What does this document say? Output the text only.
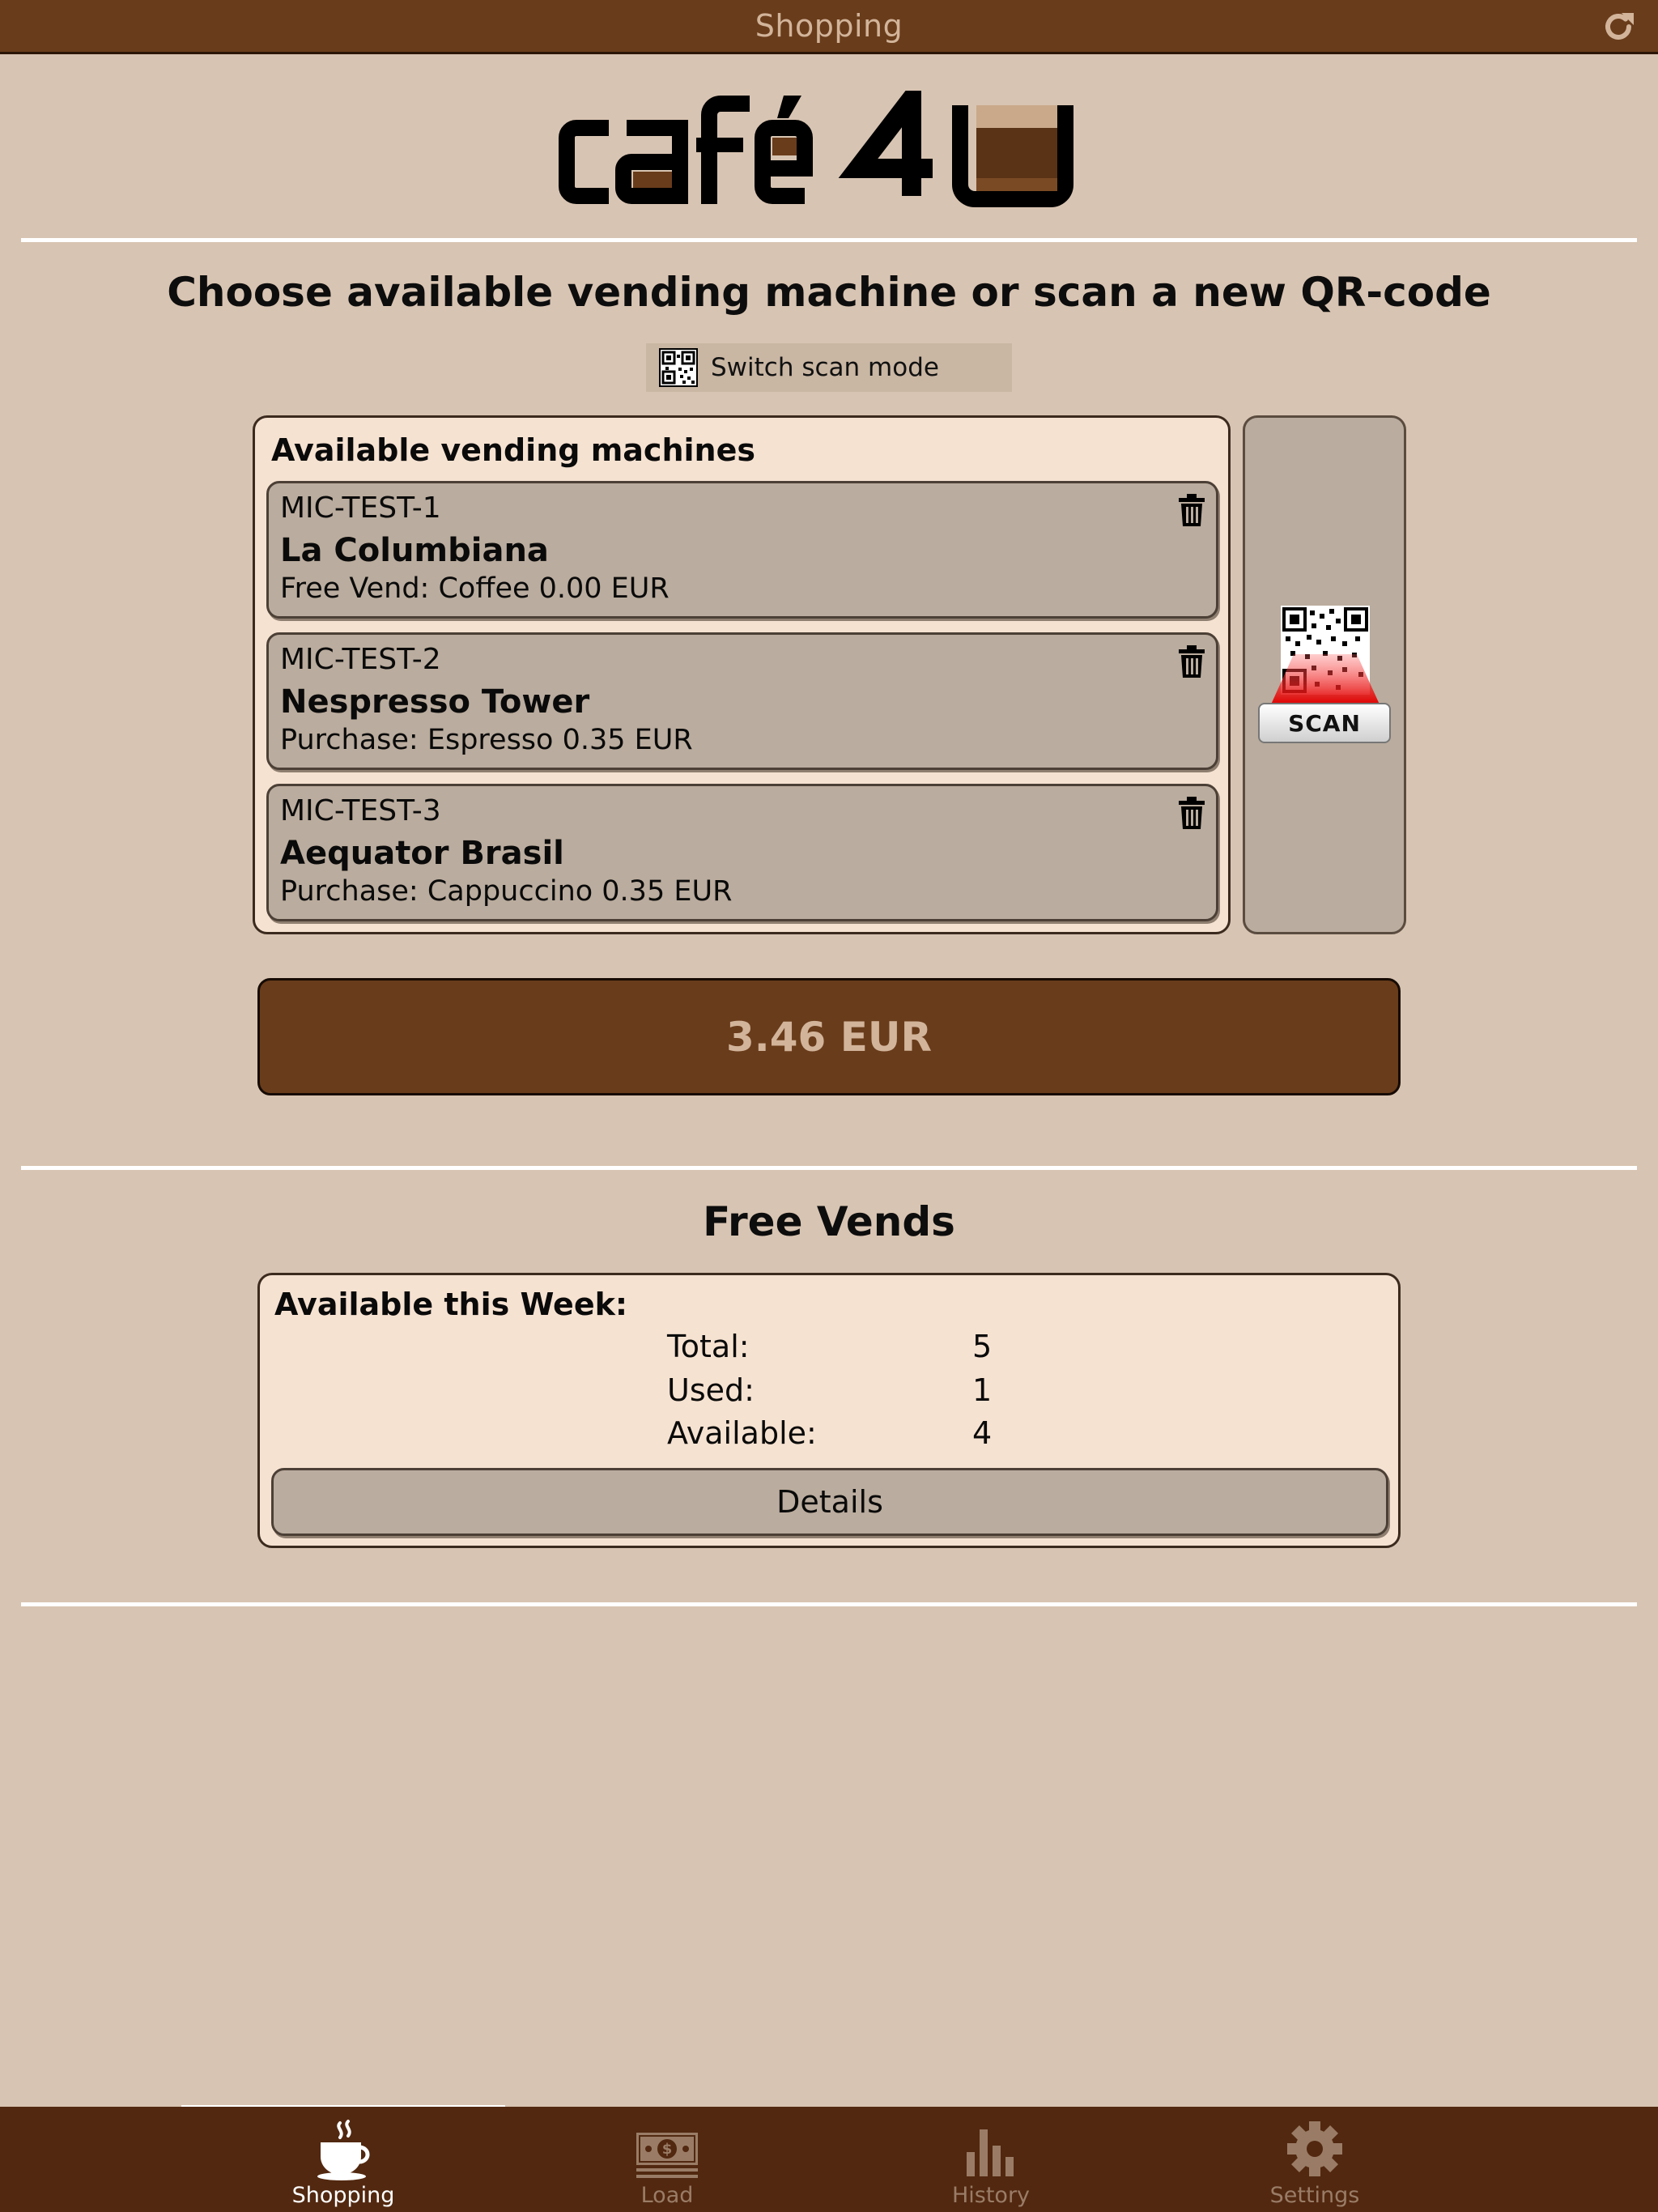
Shopping
Choose available vending machine or scan a new QR-code
Switch scan mode
Available vending machines
MIC-TEST-1
La Columbiana
Free Vend: Coffee 0.00 EUR
MIC-TEST-2
Nespresso Tower
Purchase: Espresso 0.35 EUR
MIC-TEST-3
Aequator Brasil
Purchase: Cappuccino 0.35 EUR
SCAN
3.46 EUR
Free Vends
Available this Week:
Total:	5
Used:	1
Available:	4
Details
Shopping
$
Load	History	Settings
